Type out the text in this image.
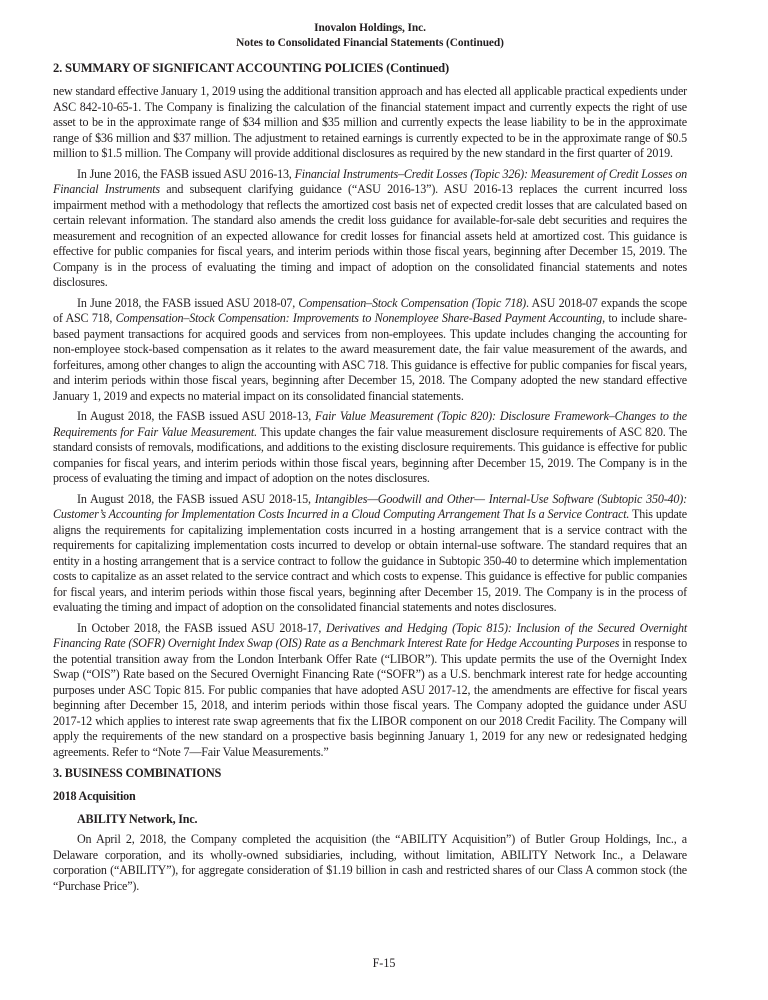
Inovalon Holdings, Inc.
Notes to Consolidated Financial Statements (Continued)
2. SUMMARY OF SIGNIFICANT ACCOUNTING POLICIES (Continued)

new standard effective January 1, 2019 using the additional transition approach and has elected all applicable practical expedients under ASC 842-10-65-1. The Company is finalizing the calculation of the financial statement impact and currently expects the right of use asset to be in the approximate range of $34 million and $35 million and currently expects the lease liability to be in the approximate range of $36 million and $37 million. The adjustment to retained earnings is currently expected to be in the approximate range of $0.5 million to $1.5 million. The Company will provide additional disclosures as required by the new standard in the first quarter of 2019.

In June 2016, the FASB issued ASU 2016-13, Financial Instruments–Credit Losses (Topic 326): Measurement of Credit Losses on Financial Instruments and subsequent clarifying guidance (“ASU 2016-13”). ASU 2016-13 replaces the current incurred loss impairment method with a methodology that reflects the amortized cost basis net of expected credit losses that are calculated based on certain relevant information. The standard also amends the credit loss guidance for available-for-sale debt securities and requires the measurement and recognition of an expected allowance for credit losses for financial assets held at amortized cost. This guidance is effective for public companies for fiscal years, and interim periods within those fiscal years, beginning after December 15, 2019. The Company is in the process of evaluating the timing and impact of adoption on the consolidated financial statements and notes disclosures.

In June 2018, the FASB issued ASU 2018-07, Compensation–Stock Compensation (Topic 718). ASU 2018-07 expands the scope of ASC 718, Compensation–Stock Compensation: Improvements to Nonemployee Share-Based Payment Accounting, to include share-based payment transactions for acquired goods and services from non-employees. This update includes changing the accounting for non-employee stock-based compensation as it relates to the award measurement date, the fair value measurement of the awards, and forfeitures, among other changes to align the accounting with ASC 718. This guidance is effective for public companies for fiscal years, and interim periods within those fiscal years, beginning after December 15, 2018. The Company adopted the new standard effective January 1, 2019 and expects no material impact on its consolidated financial statements.

In August 2018, the FASB issued ASU 2018-13, Fair Value Measurement (Topic 820): Disclosure Framework–Changes to the Requirements for Fair Value Measurement. This update changes the fair value measurement disclosure requirements of ASC 820. The standard consists of removals, modifications, and additions to the existing disclosure requirements. This guidance is effective for public companies for fiscal years, and interim periods within those fiscal years, beginning after December 15, 2019. The Company is in the process of evaluating the timing and impact of adoption on the notes disclosures.

In August 2018, the FASB issued ASU 2018-15, Intangibles—Goodwill and Other— Internal-Use Software (Subtopic 350-40): Customer’s Accounting for Implementation Costs Incurred in a Cloud Computing Arrangement That Is a Service Contract. This update aligns the requirements for capitalizing implementation costs incurred in a hosting arrangement that is a service contract with the requirements for capitalizing implementation costs incurred to develop or obtain internal-use software. The standard requires that an entity in a hosting arrangement that is a service contract to follow the guidance in Subtopic 350-40 to determine which implementation costs to capitalize as an asset related to the service contract and which costs to expense. This guidance is effective for public companies for fiscal years, and interim periods within those fiscal years, beginning after December 15, 2019. The Company is in the process of evaluating the timing and impact of adoption on the consolidated financial statements and notes disclosures.

In October 2018, the FASB issued ASU 2018-17, Derivatives and Hedging (Topic 815): Inclusion of the Secured Overnight Financing Rate (SOFR) Overnight Index Swap (OIS) Rate as a Benchmark Interest Rate for Hedge Accounting Purposes in response to the potential transition away from the London Interbank Offer Rate (“LIBOR”). This update permits the use of the Overnight Index Swap (“OIS”) Rate based on the Secured Overnight Financing Rate (“SOFR”) as a U.S. benchmark interest rate for hedge accounting purposes under ASC Topic 815. For public companies that have adopted ASU 2017-12, the amendments are effective for fiscal years beginning after December 15, 2018, and interim periods within those fiscal years. The Company adopted the guidance under ASU 2017-12 which applies to interest rate swap agreements that fix the LIBOR component on our 2018 Credit Facility. The Company will apply the requirements of the new standard on a prospective basis beginning January 1, 2019 for any new or redesignated hedging agreements. Refer to “Note 7—Fair Value Measurements.”

3. BUSINESS COMBINATIONS
2018 Acquisition
ABILITY Network, Inc.

On April 2, 2018, the Company completed the acquisition (the “ABILITY Acquisition”) of Butler Group Holdings, Inc., a Delaware corporation, and its wholly-owned subsidiaries, including, without limitation, ABILITY Network Inc., a Delaware corporation (“ABILITY”), for aggregate consideration of $1.19 billion in cash and restricted shares of our Class A common stock (the “Purchase Price”).

F-15
